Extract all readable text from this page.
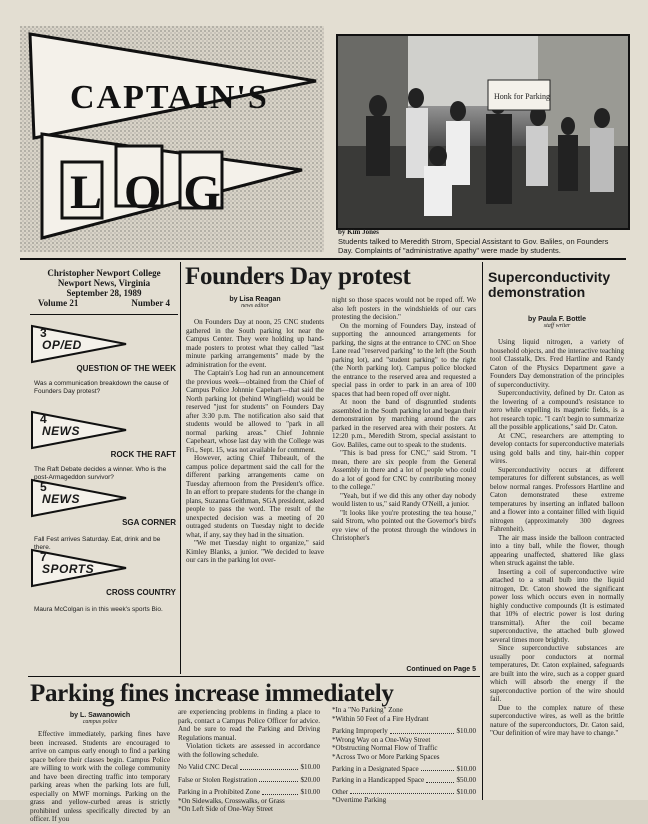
CAPTAIN'S
LOG
Honk for Parking
by Kim Jones
Students talked to Meredith Strom, Special Assistant to Gov. Baliles, on Founders Day. Complaints of "administrative apathy" were made by students.
Christopher Newport College
Newport News, Virginia
September 28, 1989
Volume 21	Number 4
3
OP/ED
QUESTION OF THE WEEK
Was a communication breakdown the cause of Founders Day protest?
4
NEWS
ROCK THE RAFT
The Raft Debate decides a winner. Who is the post-Armageddon survivor?
5
NEWS
SGA CORNER
Fall Fest arrives Saturday. Eat, drink and be there.
7
SPORTS
CROSS COUNTRY
Maura McColgan is in this week's sports Bio.
Founders Day protest
by Lisa Reagan
news editor

On Founders Day at noon, 25 CNC students gathered in the South parking lot near the Campus Center. They were holding up hand-made posters to protest what they called "last minute parking arrangements" made by the administration for the event.

The Captain's Log had run an announcement the previous week—obtained from the Chief of Campus Police Johnnie Capehart—that said the North parking lot (behind Wingfield) would be reserved "just for students" on Founders Day after 3:30 p.m. The notification also said that students would be allowed to "park in all normal parking areas." Chief Johnnie Capeheart, whose last day with the College was Fri., Sept. 15, was not available for comment.

However, acting Chief Thibeault, of the campus police department said the call for the different parking arrangements came on Tuesday afternoon from the President's office. In an effort to prepare students for the change in plans, Suzanna Geithman, SGA president, asked people to pass the word. The result of the unexpected decision was a meeting of 20 outraged students on Tuesday night to decide what, if any, say they had in the situation.

"We met Tuesday night to organize," said Kimley Blanks, a junior. "We decided to leave our cars in the parking lot over-

night so those spaces would not be roped off. We also left posters in the windshields of our cars protesting the decision."

On the morning of Founders Day, instead of supporting the announced arrangements for parking, the signs at the entrance to CNC on Shoe Lane read "reserved parking" to the left (the South parking lot), and "student parking" to the right (the North parking lot). Campus police blocked the entrance to the reserved area and requested a special pass in order to park in an area of 100 spaces that had been roped off over night.

At noon the band of disgruntled students assembled in the South parking lot and began their demonstration by marching around the cars parked in the reserved area with their posters. At 12:20 p.m., Meredith Strom, special assistant to Gov. Baliles, came out to speak to the students.

"This is bad press for CNC," said Strom. "I mean, there are six people from the General Assembly in there and a lot of people who could do a lot of good for CNC by contributing money to the college."

"Yeah, but if we did this any other day nobody would listen to us," said Randy O'Neill, a junior.

"It looks like you're protesting the tea house," said Strom, who pointed out the Governor's bird's eye view of the protest through the windows in Christopher's

Continued on Page 5
Superconductivity demonstration
by Paula F. Bottle
staff writer

Using liquid nitrogen, a variety of household objects, and the interactive teaching tool Classtalk, Drs. Fred Hartline and Randy Caton of the Physics Department gave a Founders Day demonstration of the principles of superconductivity.

Superconductivity, defined by Dr. Caton as the lowering of a compound's resistance to zero while expelling its magnetic fields, is a hot research topic. "I can't begin to summarize all the possible applications," said Dr. Caton.

At CNC, researchers are attempting to develop contacts for superconductive materials using gold balls and tiny, hair-thin copper wires.

Superconductivity occurs at different temperatures for different substances, as well below normal ranges. Professors Hartline and Caton demonstrated these extreme temperatures by inserting an inflated balloon and a flower into a container filled with liquid nitrogen (approximately 300 degrees Fahrenheit).

The air mass inside the balloon contracted into a tiny ball, while the flower, though appearing unaffected, shattered like glass when struck against the table.

Inserting a coil of superconductive wire attached to a small bulb into the liquid nitrogen, Dr. Caton showed the significant power loss which occurs even in normally highly conductive compounds (It is estimated that 10% of electric power is lost during transmittal). After the coil became superconductive, the attached bulb glowed several times more brightly.

Since superconductive substances are usually poor conductors at normal temperatures, Dr. Caton explained, safeguards are built into the wire, such as a copper guard which will absorb the energy if the superconductive portion of the wire should fail.

Due to the complex nature of these superconductive wires, as well as the brittle nature of the superconductors, Dr. Caton said, "Our definition of wire may have to change."

Parking fines increase immediately
by L. Sawanowich
campus police

Effective immediately, parking fines have been increased. Students are encouraged to arrive on campus early enough to find a parking space before their classes begin. Campus Police are willing to work with the college community and have been directing traffic into temporary parking areas when the parking lots are full, especially on MWF mornings. Parking on the grass and yellow-curbed areas is strictly prohibited unless specifically directed by an officer. If you

are experiencing problems in finding a place to park, contact a Campus Police Officer for advice. And be sure to read the Parking and Driving Regulations manual.

Violation tickets are assessed in accordance with the following schedule.

No Valid CNC Decal	$10.00
False or Stolen Registration	$20.00
Parking in a Prohibited Zone	$10.00
*On Sidewalks, Crosswalks, or Grass
*On Left Side of One-Way Street
*In a "No Parking" Zone
*Within 50 Feet of a Fire Hydrant
Parking Improperly	$10.00
*Wrong Way on a One-Way Street
*Obstructing Normal Flow of Traffic
*Across Two or More Parking Spaces
Parking in a Designated Space	$10.00
Parking in a Handicapped Space	$50.00
Other	$10.00
*Overtime Parking
